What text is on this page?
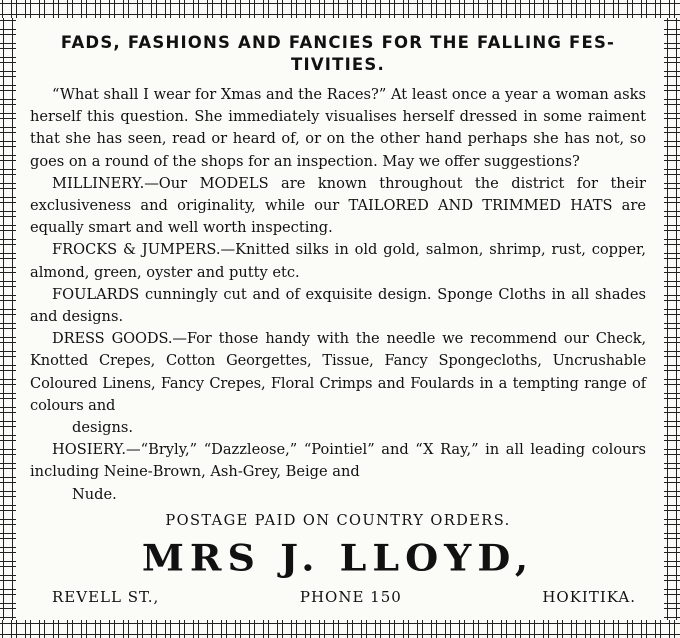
FADS, FASHIONS AND FANCIES FOR THE FALLING FES- TIVITIES.

“What shall I wear for Xmas and the Races?” At least once a year a woman asks herself this question. She immediately visualises herself dressed in some raiment that she has seen, read or heard of, or on the other hand perhaps she has not, so goes on a round of the shops for an inspection. May we offer suggestions?

MILLINERY.—Our MODELS are known throughout the district for their exclusiveness and originality, while our TAILORED AND TRIMMED HATS are equally smart and well worth inspecting.

FROCKS & JUMPERS.—Knitted silks in old gold, salmon, shrimp, rust, copper, almond, green, oyster and putty etc.

FOULARDS cunningly cut and of exquisite design. Sponge Cloths in all shades and designs.

DRESS GOODS.—For those handy with the needle we recommend our Check, Knotted Crepes, Cotton Georgettes, Tissue, Fancy Spongecloths, Uncrushable Coloured Linens, Fancy Crepes, Floral Crimps and Foulards in a tempting range of colours and

designs.

HOSIERY.—“Bryly,” “Dazzleose,” “Pointiel” and “X Ray,” in all leading colours including Neine-Brown, Ash-Grey, Beige and

Nude.

POSTAGE PAID ON COUNTRY ORDERS.
MRS J. LLOYD,
REVELL ST.,	PHONE 150	HOKITIKA.
